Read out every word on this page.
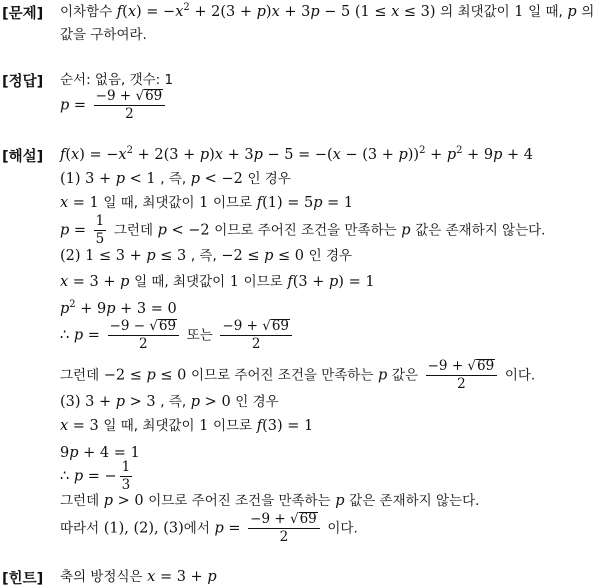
[문제] 이차함수 $f(x) = -x^2 + 2(3 + p)x + 3p - 5$ (1 ≤ x ≤ 3) 의 최댓값이 1 일 때, p 의
값을 구하여라.
[정답] 순서: 없음, 갯수: 1
$p = \frac{-9 + √69}{2}$
[해설] $f(x) = -x^2 + 2(3 + p)x + 3p - 5 = -(x - (3 + p))^2 + p^2 + 9p + 4$
(1) 3 + p < 1 , 즉, p < −2 인 경우
x = 1 일 때, 최댓값이 1 이므로 f(1) = 5p = 1
$p = \frac{1}{5}$ 그런데 p < −2 이므로 주어진 조건을 만족하는 p 값은 존재하지 않는다.
(2) 1 ≤ 3 + p ≤ 3 , 즉, −2 ≤ p ≤ 0 인 경우
x = 3 + p 일 때, 최댓값이 1 이므로 f(3 + p) = 1
$p^2 + 9p + 3 = 0$
∴ $p = \frac{-9 - √69}{2}$ 또는 $\frac{-9 + √69}{2}$
그런데 −2 ≤ p ≤ 0 이므로 주어진 조건을 만족하는 p 값은 $\frac{-9 + √69}{2}$ 이다.
(3) 3 + p > 3 , 즉, p > 0 인 경우
x = 3 일 때, 최댓값이 1 이므로 f(3) = 1
9p + 4 = 1
∴ p = − $\frac{1}{3}$
그런데 p > 0 이므로 주어진 조건을 만족하는 p 값은 존재하지 않는다.
따라서 (1), (2), (3)에서 $p = \frac{-9 + √69}{2}$ 이다.
[힌트] 축의 방정식은 x = 3 + p
